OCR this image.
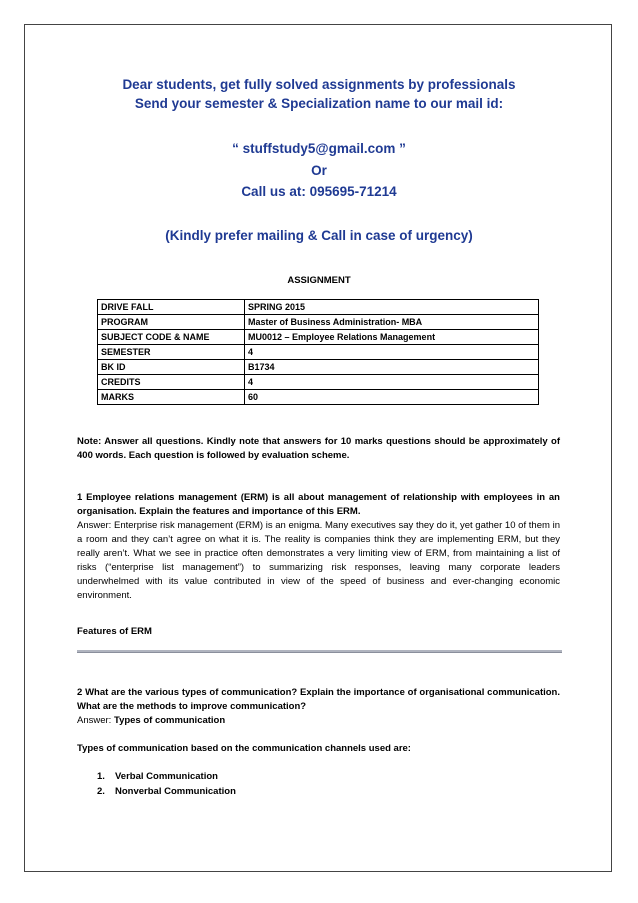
Dear students, get fully solved assignments by professionals
Send your semester & Specialization name to our mail id:
“ stuffstudy5@gmail.com ”
Or
Call us at: 095695-71214
(Kindly prefer mailing & Call in case of urgency)
ASSIGNMENT
DRIVE FALL	SPRING 2015
PROGRAM	Master of Business Administration- MBA
SUBJECT CODE & NAME	MU0012 – Employee Relations Management
SEMESTER	4
BK ID	B1734
CREDITS	4
MARKS	60
Note: Answer all questions. Kindly note that answers for 10 marks questions should be approximately of 400 words. Each question is followed by evaluation scheme.
1 Employee relations management (ERM) is all about management of relationship with employees in an organisation. Explain the features and importance of this ERM.
Answer: Enterprise risk management (ERM) is an enigma. Many executives say they do it, yet gather 10 of them in a room and they can’t agree on what it is. The reality is companies think they are implementing ERM, but they really aren’t. What we see in practice often demonstrates a very limiting view of ERM, from maintaining a list of risks (“enterprise list management”) to summarizing risk responses, leaving many corporate leaders underwhelmed with its value contributed in view of the speed of business and ever-changing economic environment.
Features of ERM
2 What are the various types of communication? Explain the importance of organisational communication. What are the methods to improve communication?
Answer: Types of communication
Types of communication based on the communication channels used are:
1. Verbal Communication
2. Nonverbal Communication
